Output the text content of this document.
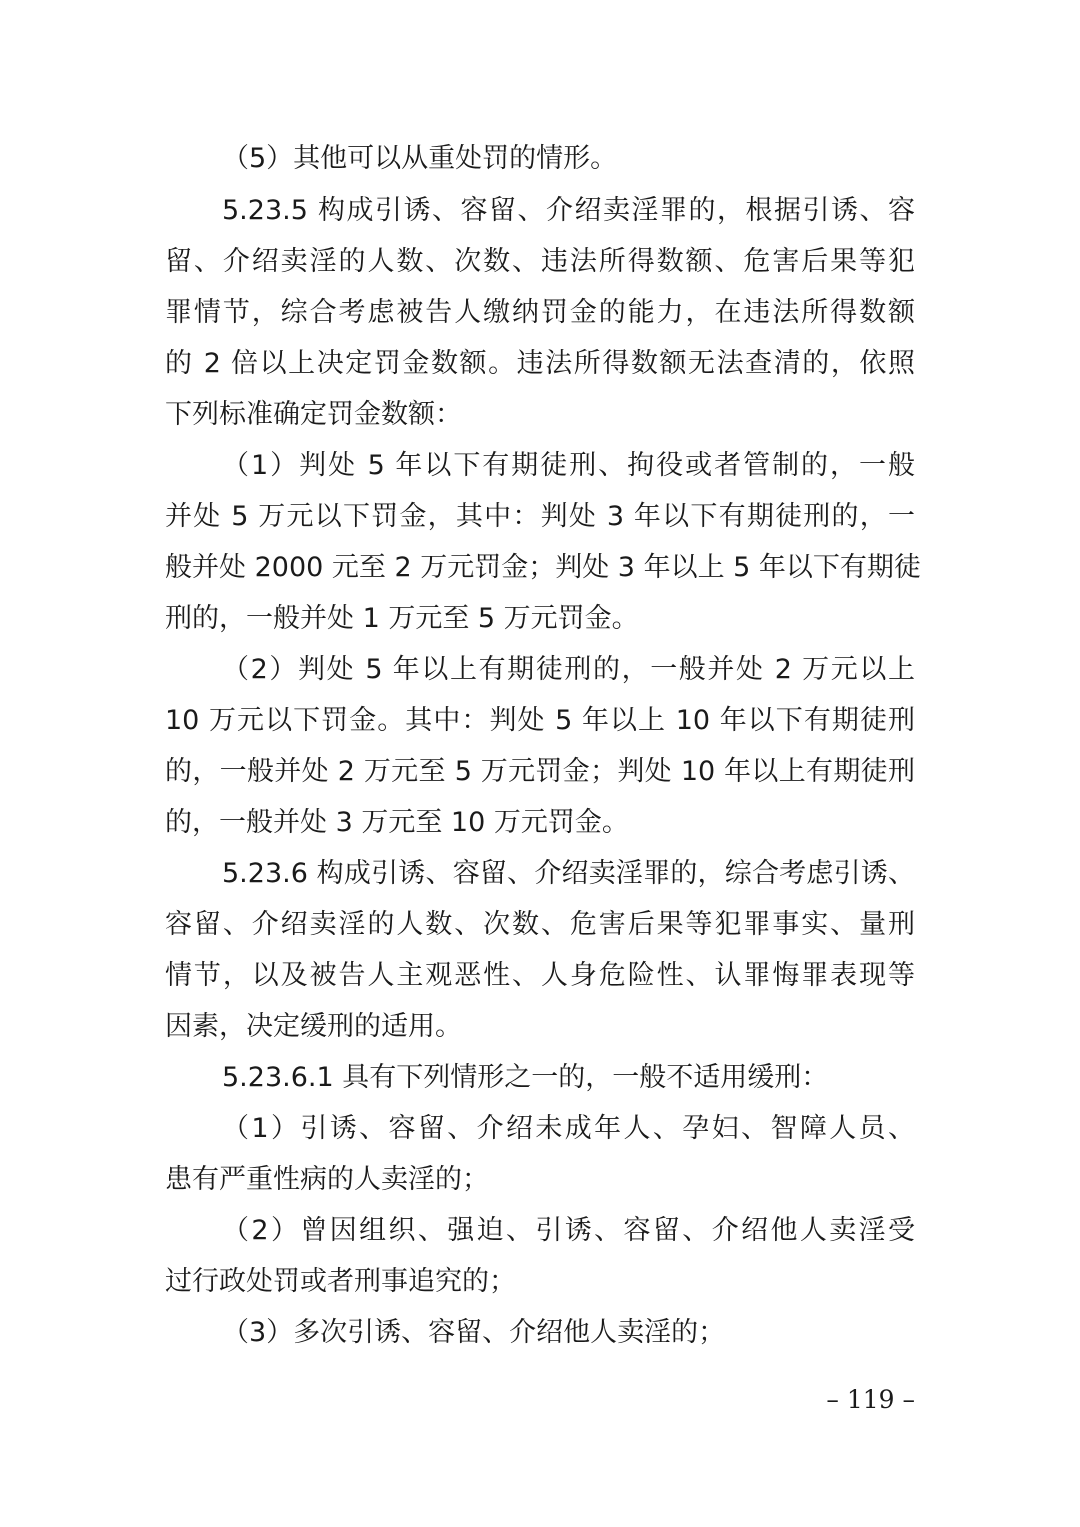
（5）其他可以从重处罚的情形。
5.23.5 构成引诱、容留、介绍卖淫罪的，根据引诱、容
留、介绍卖淫的人数、次数、违法所得数额、危害后果等犯
罪情节，综合考虑被告人缴纳罚金的能力，在违法所得数额
的 2 倍以上决定罚金数额。违法所得数额无法查清的，依照
下列标准确定罚金数额：
（1）判处 5 年以下有期徒刑、拘役或者管制的，一般
并处 5 万元以下罚金，其中：判处 3 年以下有期徒刑的，一
般并处 2000 元至 2 万元罚金；判处 3 年以上 5 年以下有期徒
刑的，一般并处 1 万元至 5 万元罚金。
（2）判处 5 年以上有期徒刑的，一般并处 2 万元以上
10 万元以下罚金。其中：判处 5 年以上 10 年以下有期徒刑
的，一般并处 2 万元至 5 万元罚金；判处 10 年以上有期徒刑
的，一般并处 3 万元至 10 万元罚金。
5.23.6 构成引诱、容留、介绍卖淫罪的，综合考虑引诱、
容留、介绍卖淫的人数、次数、危害后果等犯罪事实、量刑
情节，以及被告人主观恶性、人身危险性、认罪悔罪表现等
因素，决定缓刑的适用。
5.23.6.1 具有下列情形之一的，一般不适用缓刑：
（1）引诱、容留、介绍未成年人、孕妇、智障人员、
患有严重性病的人卖淫的；
（2）曾因组织、强迫、引诱、容留、介绍他人卖淫受
过行政处罚或者刑事追究的；
（3）多次引诱、容留、介绍他人卖淫的；
– 119 –
